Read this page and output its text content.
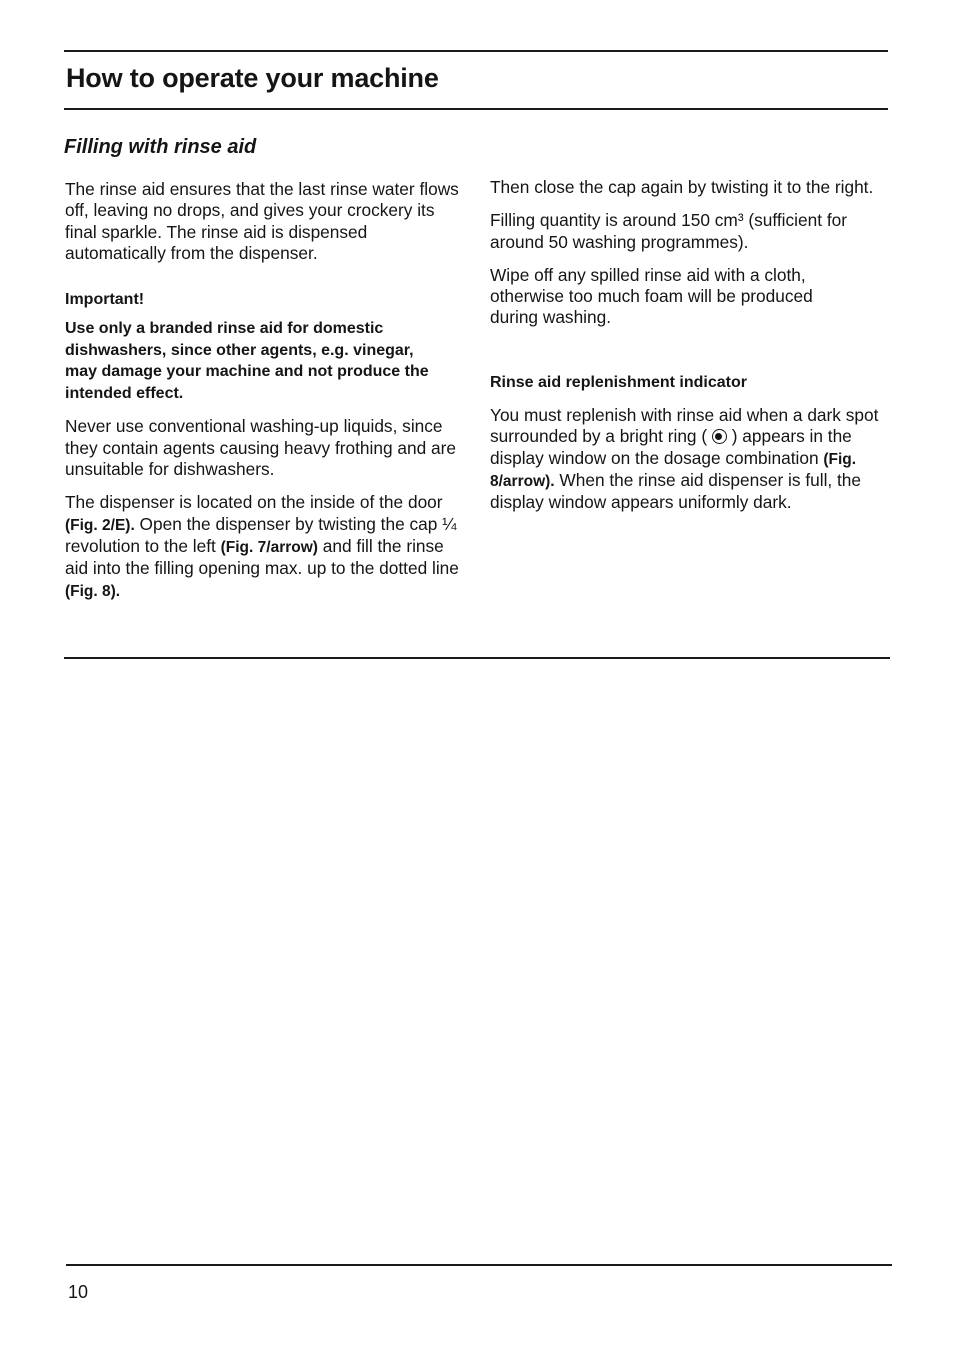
How to operate your machine
Filling with rinse aid

The rinse aid ensures that the last rinse water flows off, leaving no drops, and gives your crockery its final sparkle. The rinse aid is dispensed automatically from the dispenser.

Important!

Use only a branded rinse aid for domestic dishwashers, since other agents, e.g. vinegar, may damage your machine and not produce the intended effect.

Never use conventional washing-up liquids, since they contain agents causing heavy frothing and are unsuitable for dishwashers.

The dispenser is located on the inside of the door (Fig. 2/E). Open the dispenser by twisting the cap ¼ revolution to the left (Fig. 7/arrow) and fill the rinse aid into the filling opening max. up to the dotted line (Fig. 8).

Then close the cap again by twisting it to the right.

Filling quantity is around 150 cm³ (sufficient for around 50 washing programmes).

Wipe off any spilled rinse aid with a cloth, otherwise too much foam will be produced during washing.

Rinse aid replenishment indicator

You must replenish with rinse aid when a dark spot surrounded by a bright ring (  ) appears in the display window on the dosage combination (Fig. 8/arrow). When the rinse aid dispenser is full, the display window appears uniformly dark.

10
